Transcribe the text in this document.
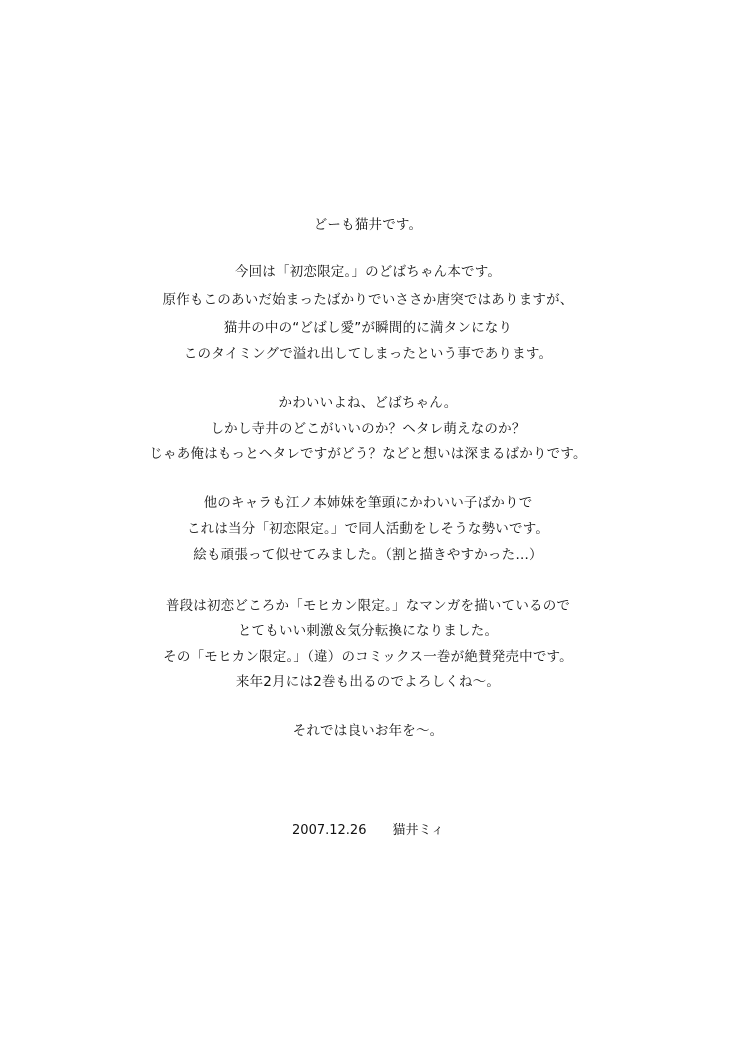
どーも猫井です。
今回は「初恋限定。」のどばちゃん本です。
原作もこのあいだ始まったばかりでいささか唐突ではありますが、
猫井の中の“どばし愛”が瞬間的に満タンになり
このタイミングで溢れ出してしまったという事であります。
かわいいよね、どばちゃん。
しかし寺井のどこがいいのか？ヘタレ萌えなのか？
じゃあ俺はもっとヘタレですがどう？などと想いは深まるばかりです。
他のキャラも江ノ本姉妹を筆頭にかわいい子ばかりで
これは当分「初恋限定。」で同人活動をしそうな勢いです。
絵も頑張って似せてみました。（割と描きやすかった…）
普段は初恋どころか「モヒカン限定。」なマンガを描いているので
とてもいい刺激＆気分転換になりました。
その「モヒカン限定。」（違）のコミックス一巻が絶賛発売中です。
来年2月には2巻も出るのでよろしくね～。
それでは良いお年を～。
2007.12.26 猫井ミィ
